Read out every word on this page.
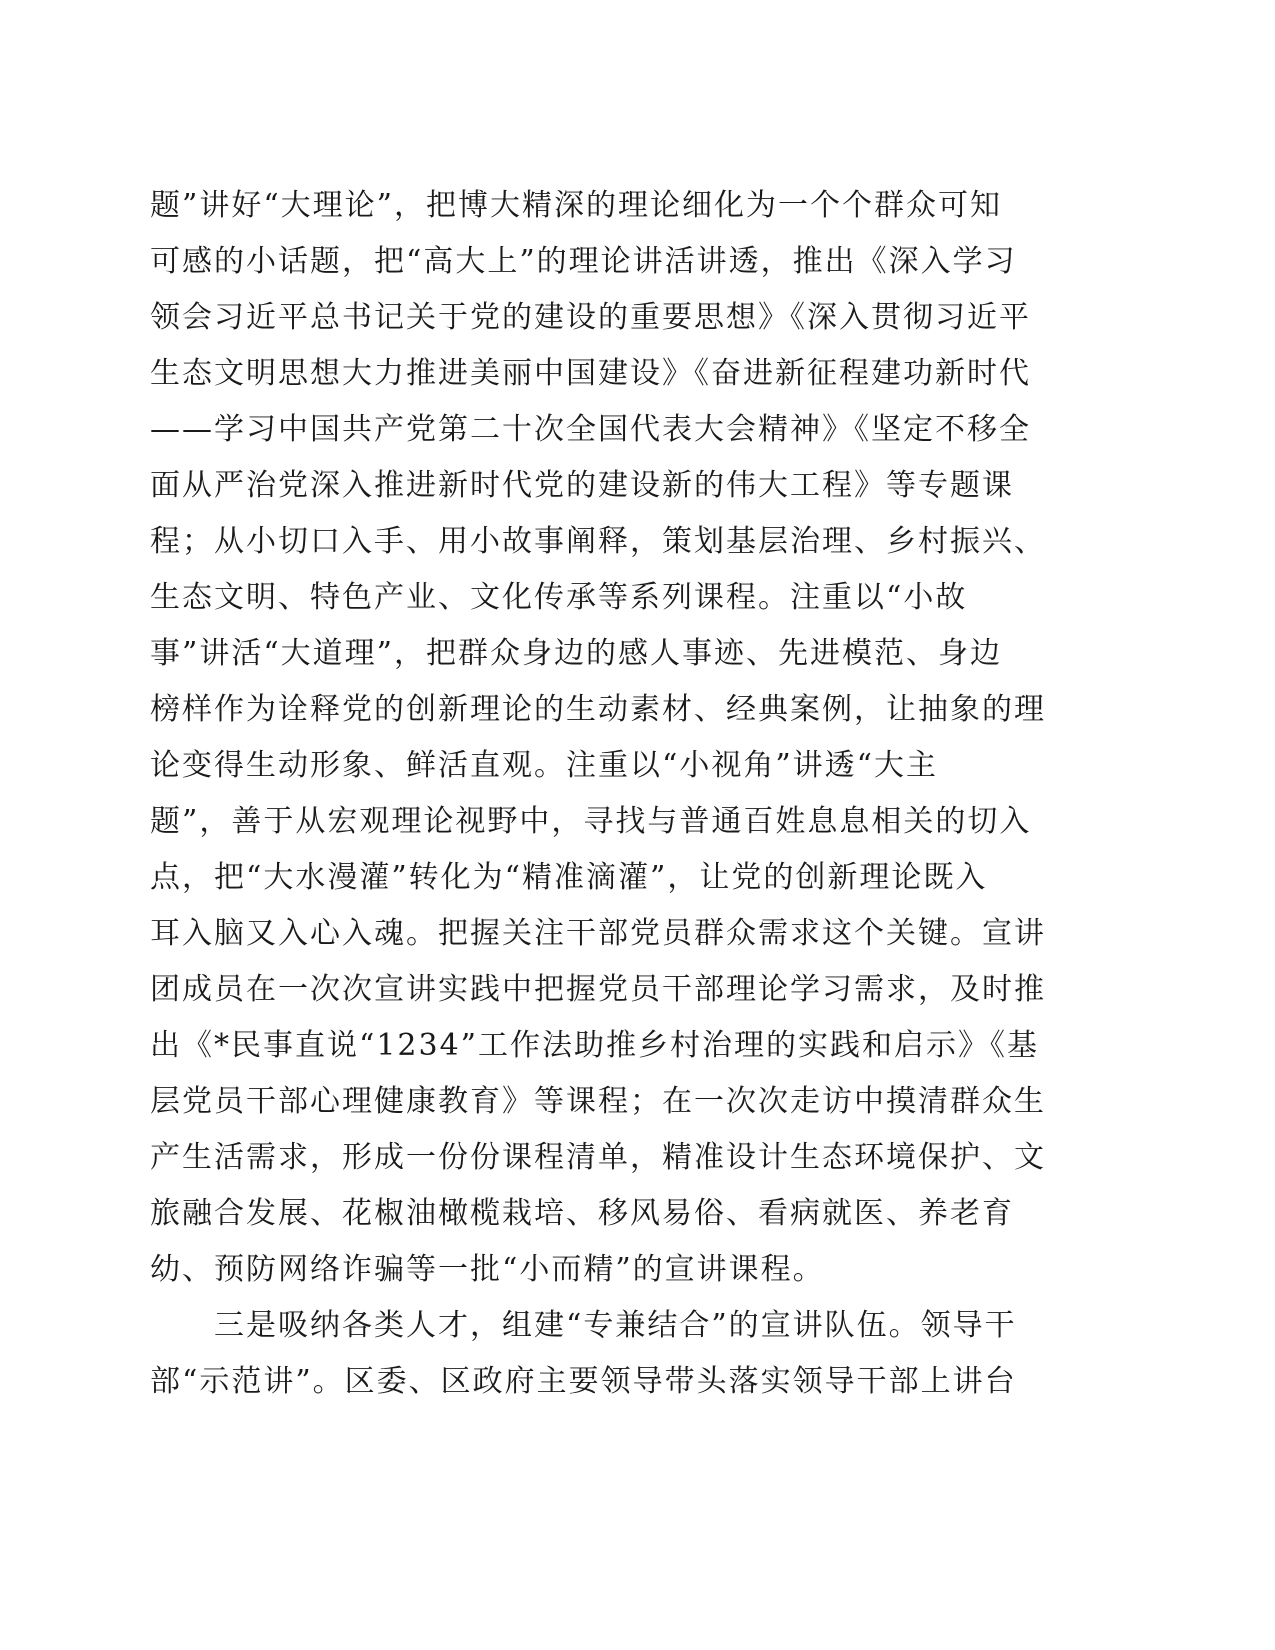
题”讲好“大理论”，把博大精深的理论细化为一个个群众可知
可感的小话题，把“高大上”的理论讲活讲透，推出《深入学习
领会习近平总书记关于党的建设的重要思想》《深入贯彻习近平
生态文明思想大力推进美丽中国建设》《奋进新征程建功新时代
——学习中国共产党第二十次全国代表大会精神》《坚定不移全
面从严治党深入推进新时代党的建设新的伟大工程》等专题课
程；从小切口入手、用小故事阐释，策划基层治理、乡村振兴、
生态文明、特色产业、文化传承等系列课程。注重以“小故
事”讲活“大道理”，把群众身边的感人事迹、先进模范、身边
榜样作为诠释党的创新理论的生动素材、经典案例，让抽象的理
论变得生动形象、鲜活直观。注重以“小视角”讲透“大主
题”，善于从宏观理论视野中，寻找与普通百姓息息相关的切入
点，把“大水漫灌”转化为“精准滴灌”，让党的创新理论既入
耳入脑又入心入魂。把握关注干部党员群众需求这个关键。宣讲
团成员在一次次宣讲实践中把握党员干部理论学习需求，及时推
出《*民事直说“1234”工作法助推乡村治理的实践和启示》《基
层党员干部心理健康教育》等课程；在一次次走访中摸清群众生
产生活需求，形成一份份课程清单，精准设计生态环境保护、文
旅融合发展、花椒油橄榄栽培、移风易俗、看病就医、养老育
幼、预防网络诈骗等一批“小而精”的宣讲课程。
　　三是吸纳各类人才，组建“专兼结合”的宣讲队伍。领导干
部“示范讲”。区委、区政府主要领导带头落实领导干部上讲台
